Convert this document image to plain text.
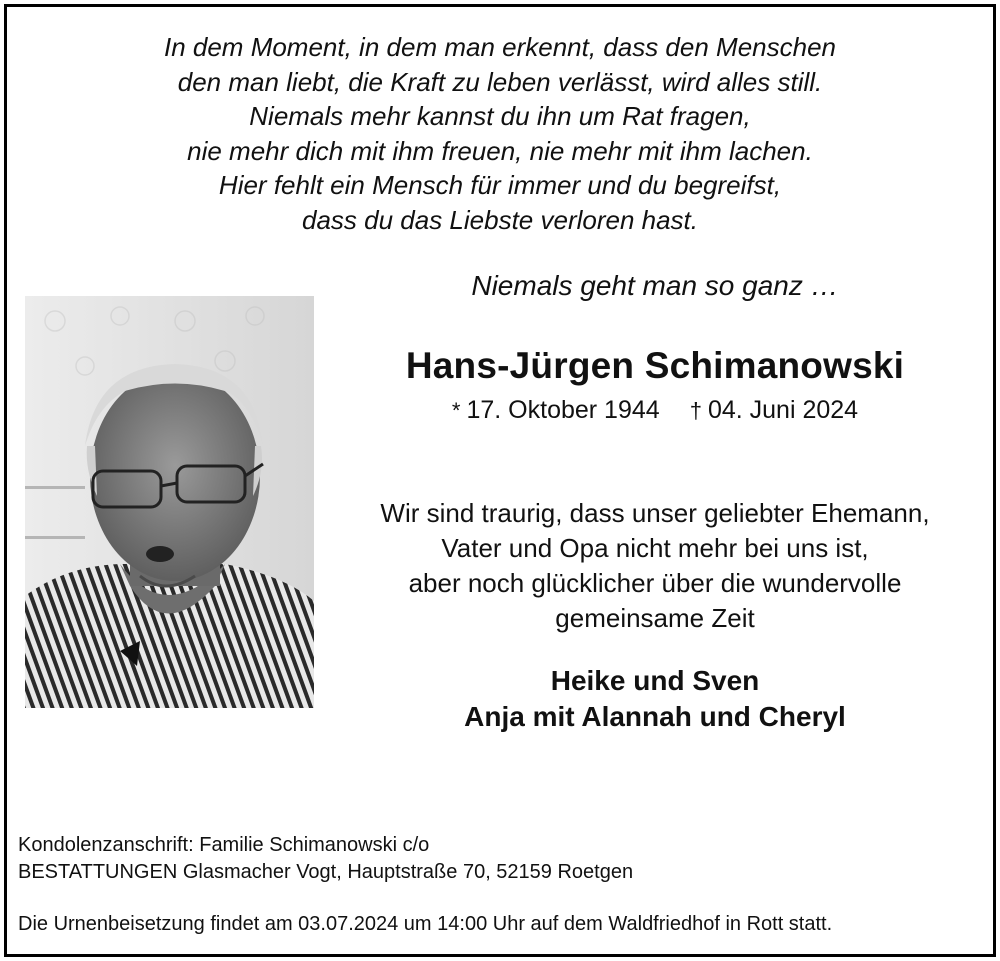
In dem Moment, in dem man erkennt, dass den Menschen
den man liebt, die Kraft zu leben verlässt, wird alles still.
Niemals mehr kannst du ihn um Rat fragen,
nie mehr dich mit ihm freuen, nie mehr mit ihm lachen.
Hier fehlt ein Mensch für immer und du begreifst,
dass du das Liebste verloren hast.
Niemals geht man so ganz …
Hans-Jürgen Schimanowski
* 17. Oktober 1944 † 04. Juni 2024
Wir sind traurig, dass unser geliebter Ehemann,
Vater und Opa nicht mehr bei uns ist,
aber noch glücklicher über die wundervolle
gemeinsame Zeit
Heike und Sven
Anja mit Alannah und Cheryl
Kondolenzanschrift: Familie Schimanowski c/o
BESTATTUNGEN Glasmacher Vogt, Hauptstraße 70, 52159 Roetgen
Die Urnenbeisetzung findet am 03.07.2024 um 14:00 Uhr auf dem Waldfriedhof in Rott statt.
